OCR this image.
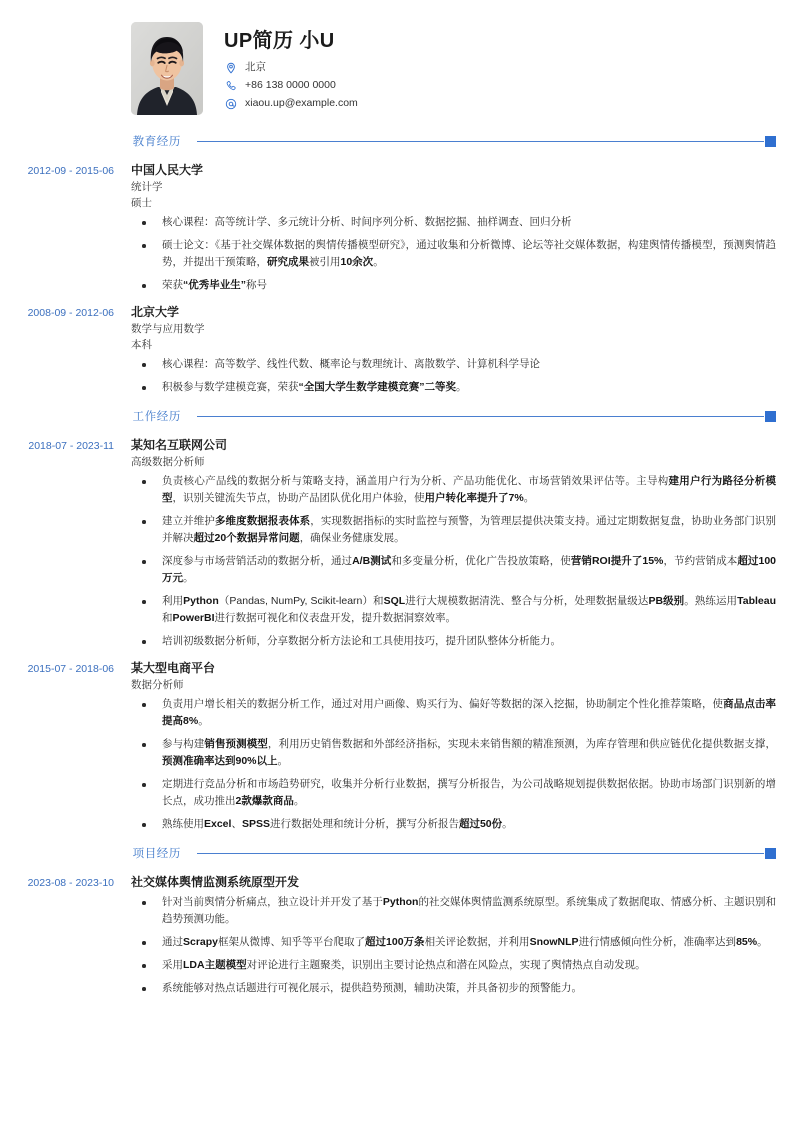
UP简历 小U
北京
+86 138 0000 0000
xiaou.up@example.com
教育经历
2012-09 - 2015-06	中国人民大学
统计学
硕士
核心课程：高等统计学、多元统计分析、时间序列分析、数据挖掘、抽样调查、回归分析
硕士论文：《基于社交媒体数据的舆情传播模型研究》，通过收集和分析微博、论坛等社交媒体数据，构建舆情传播模型，预测舆情趋势，并提出干预策略，研究成果被引用10余次。
荣获“优秀毕业生”称号
2008-09 - 2012-06	北京大学
数学与应用数学
本科
核心课程：高等数学、线性代数、概率论与数理统计、离散数学、计算机科学导论
积极参与数学建模竞赛，荣获“全国大学生数学建模竞赛”二等奖。
工作经历
2018-07 - 2023-11	某知名互联网公司
高级数据分析师
负责核心产品线的数据分析与策略支持，涵盖用户行为分析、产品功能优化、市场营销效果评估等。主导构建用户行为路径分析模型，识别关键流失节点，协助产品团队优化用户体验，使用户转化率提升了7%。
建立并维护多维度数据报表体系，实现数据指标的实时监控与预警，为管理层提供决策支持。通过定期数据复盘，协助业务部门识别并解决超过20个数据异常问题，确保业务健康发展。
深度参与市场营销活动的数据分析，通过A/B测试和多变量分析，优化广告投放策略，使营销ROI提升了15%，节约营销成本超过100万元。
利用Python（Pandas, NumPy, Scikit-learn）和SQL进行大规模数据清洗、整合与分析，处理数据量级达PB级别。熟练运用Tableau和PowerBI进行数据可视化和仪表盘开发，提升数据洞察效率。
培训初级数据分析师，分享数据分析方法论和工具使用技巧，提升团队整体分析能力。
2015-07 - 2018-06	某大型电商平台
数据分析师
负责用户增长相关的数据分析工作，通过对用户画像、购买行为、偏好等数据的深入挖掘，协助制定个性化推荐策略，使商品点击率提高8%。
参与构建销售预测模型，利用历史销售数据和外部经济指标，实现未来销售额的精准预测，为库存管理和供应链优化提供数据支撑，预测准确率达到90%以上。
定期进行竞品分析和市场趋势研究，收集并分析行业数据，撰写分析报告，为公司战略规划提供数据依据。协助市场部门识别新的增长点，成功推出2款爆款商品。
熟练使用Excel、SPSS进行数据处理和统计分析，撰写分析报告超过50份。
项目经历
2023-08 - 2023-10	社交媒体舆情监测系统原型开发
针对当前舆情分析痛点，独立设计并开发了基于Python的社交媒体舆情监测系统原型。系统集成了数据爬取、情感分析、主题识别和趋势预测功能。
通过Scrapy框架从微博、知乎等平台爬取了超过100万条相关评论数据，并利用SnowNLP进行情感倾向性分析，准确率达到85%。
采用LDA主题模型对评论进行主题聚类，识别出主要讨论热点和潜在风险点，实现了舆情热点自动发现。
系统能够对热点话题进行可视化展示，提供趋势预测，辅助决策，并具备初步的预警能力。
